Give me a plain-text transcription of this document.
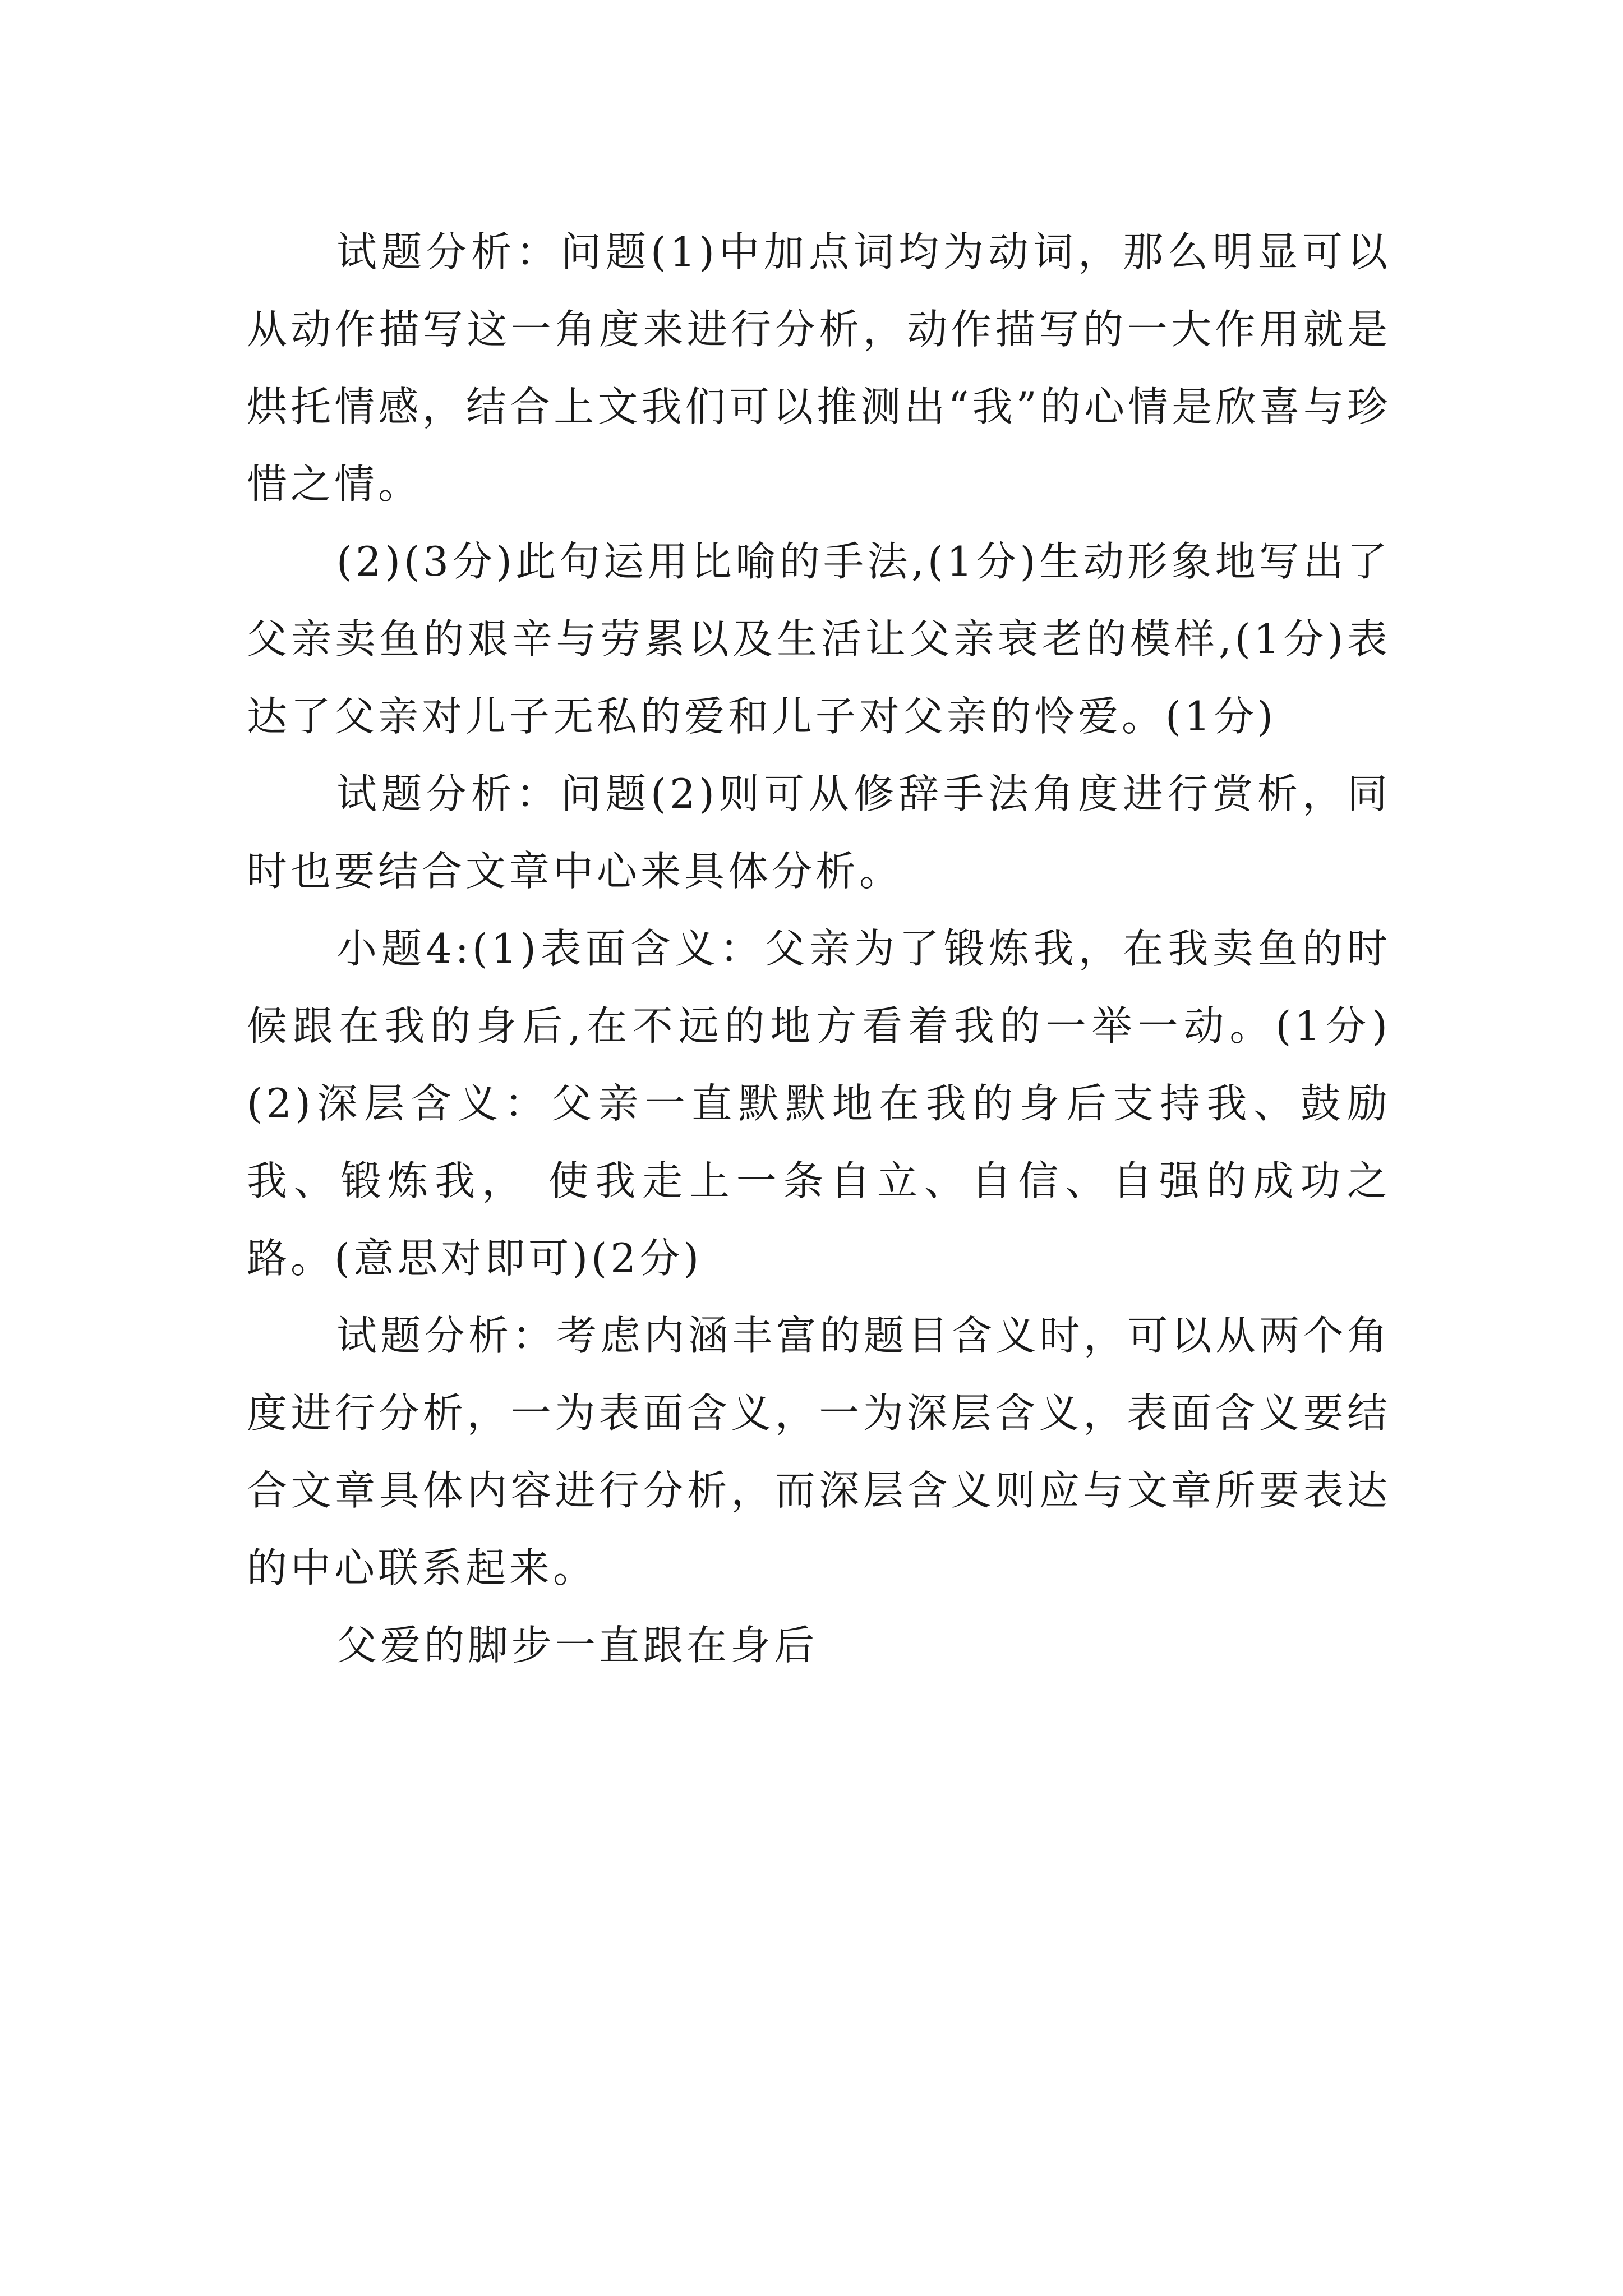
试题分析：问题(1)中加点词均为动词，那么明显可以从动作描写这一角度来进行分析，动作描写的一大作用就是烘托情感，结合上文我们可以推测出“我”的心情是欣喜与珍惜之情。

(2)(3分)此句运用比喻的手法,(1分)生动形象地写出了父亲卖鱼的艰辛与劳累以及生活让父亲衰老的模样,(1分)表达了父亲对儿子无私的爱和儿子对父亲的怜爱。(1分)

试题分析：问题(2)则可从修辞手法角度进行赏析，同时也要结合文章中心来具体分析。

小题4:(1)表面含义：父亲为了锻炼我，在我卖鱼的时候跟在我的身后,在不远的地方看着我的一举一动。(1分)(2)深层含义：父亲一直默默地在我的身后支持我、鼓励我、锻炼我， 使我走上一条自立、自信、自强的成功之路。(意思对即可)(2分)

试题分析：考虑内涵丰富的题目含义时，可以从两个角度进行分析，一为表面含义，一为深层含义，表面含义要结合文章具体内容进行分析，而深层含义则应与文章所要表达的中心联系起来。

父爱的脚步一直跟在身后
